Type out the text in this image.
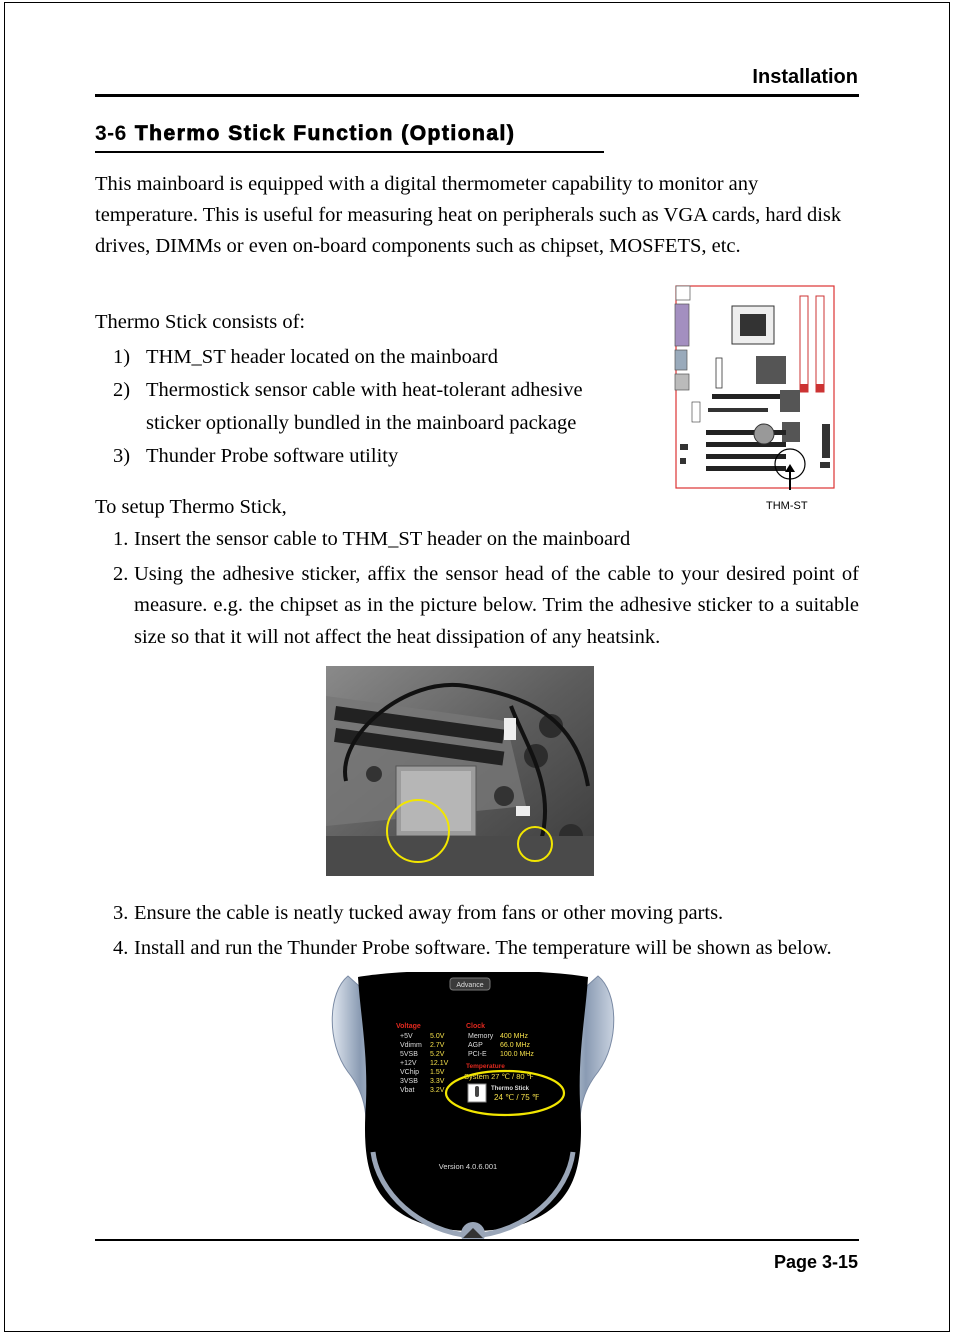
Installation
3-6 Thermo Stick Function (Optional)
This mainboard is equipped with a digital thermometer capability to monitor any temperature. This is useful for measuring heat on peripherals such as VGA cards, hard disk drives, DIMMs or even on-board components such as chipset, MOSFETS, etc.
Thermo Stick consists of:
1) THM_ST header located on the mainboard
2) Thermostick sensor cable with heat-tolerant adhesive
sticker optionally bundled in the mainboard package
3) Thunder Probe software utility
THM-ST
To setup Thermo Stick,
1. Insert the sensor cable to THM_ST header on the mainboard
2. Using the adhesive sticker, affix the sensor head of the cable to your desired point of measure. e.g. the chipset as in the picture below. Trim the adhesive sticker to a suitable size so that it will not affect the heat dissipation of any heatsink.
3. Ensure the cable is neatly tucked away from fans or other moving parts.
4. Install and run the Thunder Probe software. The temperature will be shown as below.
Advance
Voltage	Clock
+5V 5.0V
Vdimm 2.7V
5VSB 5.2V
+12V 12.1V
VChip 1.5V
3VSB 3.3V
Vbat 3.2V
Memory 400 MHz
AGP 66.0 MHz
PCI-E 100.0 MHz
Temperature
System 27 ℃ / 80 ℉
Thermo Stick
24 ℃ / 75 ℉
Version 4.0.6.001
Page 3-15
